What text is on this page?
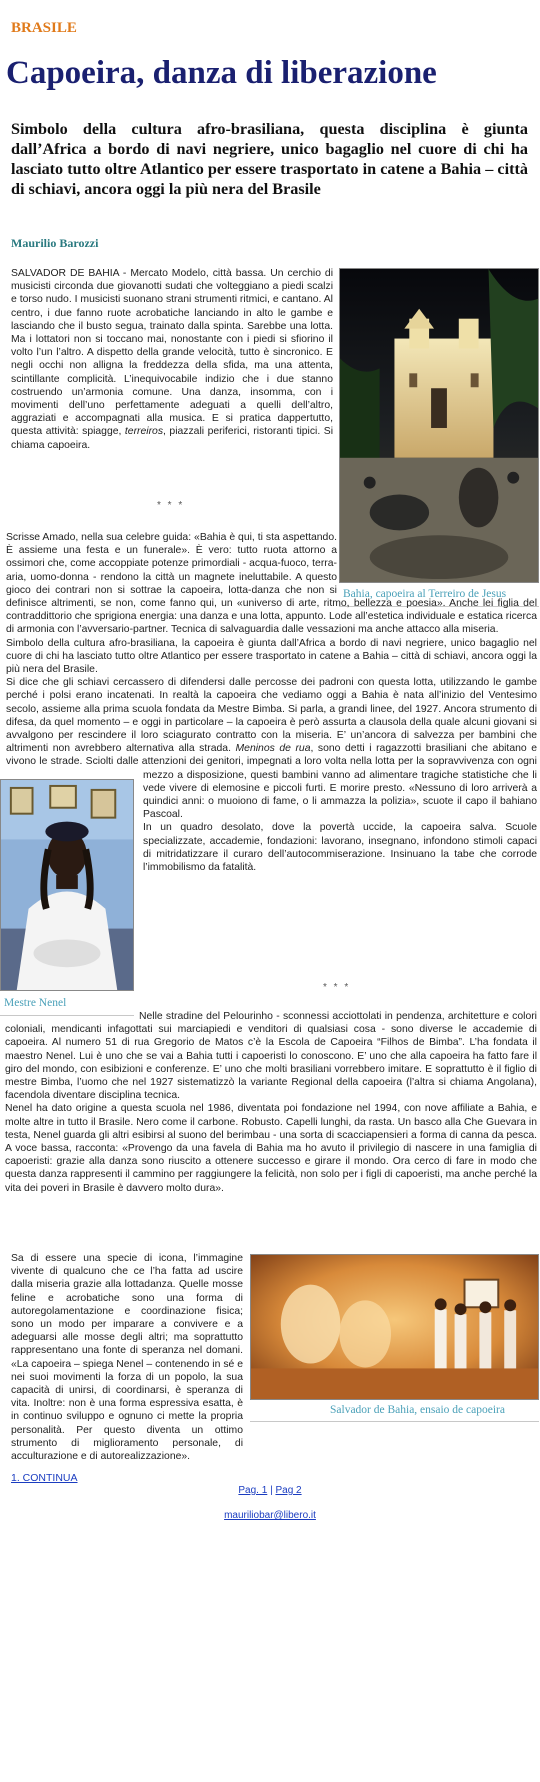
BRASILE
Capoeira, danza di liberazione

Simbolo della cultura afro-brasiliana, questa disciplina è giunta dall’Africa a bordo di navi negriere, unico bagaglio nel cuore di chi ha lasciato tutto oltre Atlantico per essere trasportato in catene a Bahia – città di schiavi, ancora oggi la più nera del Brasile

Maurilio Barozzi

SALVADOR DE BAHIA - Mercato Modelo, città bassa. Un cerchio di musicisti circonda due giovanotti sudati che volteggiano a piedi scalzi e torso nudo. I musicisti suonano strani strumenti ritmici, e cantano. Al centro, i due fanno ruote acrobatiche lanciando in alto le gambe e lasciando che il busto segua, trainato dalla spinta. Sarebbe una lotta. Ma i lottatori non si toccano mai, nonostante con i piedi si sfiorino il volto l’un l’altro. A dispetto della grande velocità, tutto è sincronico. E negli occhi non alligna la freddezza della sfida, ma una attenta, scintillante complicità. L’inequivocabile indizio che i due stanno costruendo un’armonia comune. Una danza, insomma, con i movimenti dell’uno perfettamente adeguati a quelli dell’altro, aggraziati e accompagnati alla musica. E si pratica dappertutto, questa attività: spiagge, terreiros, piazzali periferici, ristoranti tipici. Si chiama capoeira.

* * *
Bahia, capoeira al Terreiro de Jesus

Scrisse Amado, nella sua celebre guida: «Bahia è qui, ti sta aspettando. È assieme una festa e un funerale». È vero: tutto ruota attorno a ossimori che, come accoppiate potenze primordiali - acqua-fuoco, terra-aria, uomo-donna - rendono la città un magnete ineluttabile. A questo gioco dei contrari non si sottrae la capoeira, lotta-danza che non si definisce altrimenti, se non, come fanno qui, un «universo di arte, ritmo, bellezza e poesia». Anche lei figlia del contraddittorio che sprigiona energia: una danza e una lotta, appunto. Lode all’estetica individuale e estatica ricerca di armonia con l’avversario-partner. Tecnica di salvaguardia dalle vessazioni ma anche attacco alla miseria.

Simbolo della cultura afro-brasiliana, la capoeira è giunta dall’Africa a bordo di navi negriere, unico bagaglio nel cuore di chi ha lasciato tutto oltre Atlantico per essere trasportato in catene a Bahia – città di schiavi, ancora oggi la più nera del Brasile.

Si dice che gli schiavi cercassero di difendersi dalle percosse dei padroni con questa lotta, utilizzando le gambe perché i polsi erano incatenati. In realtà la capoeira che vediamo oggi a Bahia è nata all’inizio del Ventesimo secolo, assieme alla prima scuola fondata da Mestre Bimba. Si parla, a grandi linee, del 1927. Ancora strumento di difesa, da quel momento – e oggi in particolare – la capoeira è però assurta a clausola della quale alcuni giovani si avvalgono per rescindere il loro sciagurato contratto con la miseria. E’ un’ancora di salvezza per bambini che altrimenti non avrebbero alternativa alla strada. Meninos de rua, sono detti i ragazzotti brasiliani che abitano e vivono le strade. Sciolti dalle attenzioni dei genitori, impegnati a loro volta nella lotta per la sopravvivenza con ogni mezzo a disposizione, questi bambini vanno ad alimentare tragiche statistiche che li vede vivere di elemosine e piccoli furti. E morire presto. «Nessuno di loro arriverà a quindici anni: o muoiono di fame, o li ammazza la polizia», scuote il capo il bahiano Pascoal.

In un quadro desolato, dove la povertà uccide, la capoeira salva. Scuole specializzate, accademie, fondazioni: lavorano, insegnano, infondono stimoli capaci di mitridatizzare il curaro dell’autocommiserazione. Insinuano la tabe che corrode l’immobilismo da fatalità.

Mestre Nenel
* * *

Nelle stradine del Pelourinho - sconnessi acciottolati in pendenza, architetture e colori coloniali, mendicanti infagottati sui marciapiedi e venditori di qualsiasi cosa - sono diverse le accademie di capoeira. Al numero 51 di rua Gregorio de Matos c’è la Escola de Capoeira “Filhos de Bimba”. L’ha fondata il maestro Nenel. Lui è uno che se vai a Bahia tutti i capoeristi lo conoscono. E’ uno che alla capoeira ha fatto fare il giro del mondo, con esibizioni e conferenze. E’ uno che molti brasiliani vorrebbero imitare. E soprattutto è il figlio di mestre Bimba, l’uomo che nel 1927 sistematizzò la variante Regional della capoeira (l’altra si chiama Angolana), facendola diventare disciplina tecnica.

Nenel ha dato origine a questa scuola nel 1986, diventata poi fondazione nel 1994, con nove affiliate a Bahia, e molte altre in tutto il Brasile. Nero come il carbone. Robusto. Capelli lunghi, da rasta. Un basco alla Che Guevara in testa, Nenel guarda gli altri esibirsi al suono del berimbau - una sorta di scacciapensieri a forma di canna da pesca. A voce bassa, racconta: «Provengo da una favela di Bahia ma ho avuto il privilegio di nascere in una famiglia di capoeristi: grazie alla danza sono riuscito a ottenere successo e girare il mondo. Ora cerco di fare in modo che questa danza rappresenti il cammino per raggiungere la felicità, non solo per i figli di capoeristi, ma anche perché la vita dei poveri in Brasile è davvero molto dura».

Salvador de Bahia, ensaio de capoeira

Sa di essere una specie di icona, l’immagine vivente di qualcuno che ce l’ha fatta ad uscire dalla miseria grazie alla lottadanza. Quelle mosse feline e acrobatiche sono una forma di autoregolamentazione e coordinazione fisica; sono un modo per imparare a convivere e a adeguarsi alle mosse degli altri; ma soprattutto rappresentano una fonte di speranza nel domani. «La capoeira – spiega Nenel – contenendo in sé e nei suoi movimenti la forza di un popolo, la sua capacità di unirsi, di coordinarsi, è speranza di vita. Inoltre: non è una forma espressiva esatta, è in continuo sviluppo e ognuno ci mette la propria personalità. Per questo diventa un ottimo strumento di miglioramento personale, di acculturazione e di autorealizzazione».

1. CONTINUA
Pag. 1 | Pag 2
mauriliobar@libero.it
